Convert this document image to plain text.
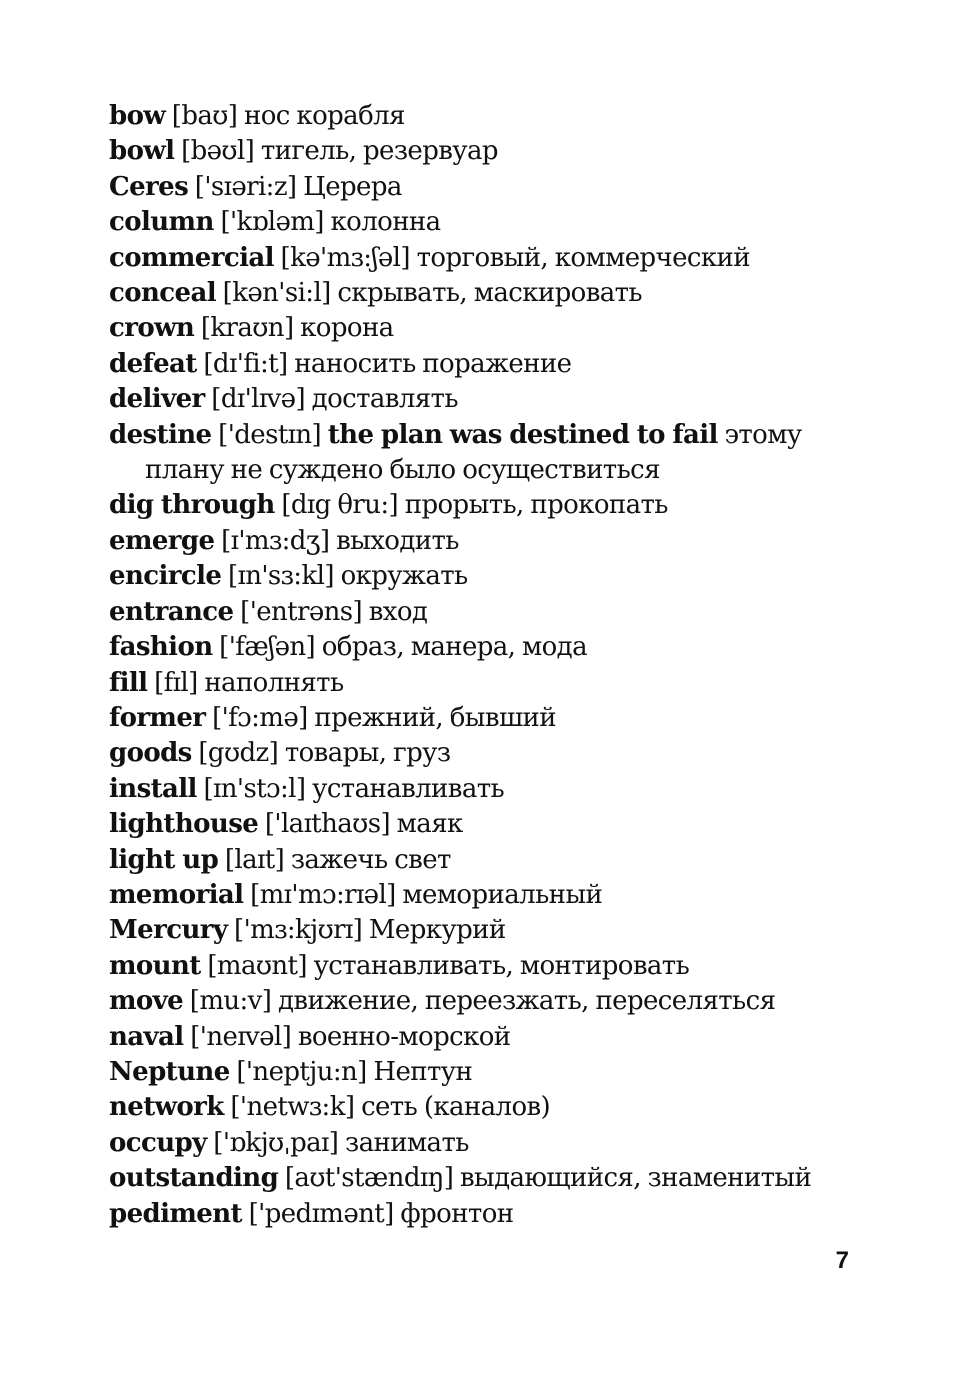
bow [baʊ] нос корабля
bowl [bəʊl] тигель, резервуар
Ceres ['sɪəri:z] Церера
column ['kɒləm] колонна
commercial [kə'mɜ:ʃəl] торговый, коммерческий
conceal [kən'si:l] скрывать, маскировать
crown [kraʊn] корона
defeat [dɪ'fi:t] наносить поражение
deliver [dɪ'lɪvə] доставлять
destine ['destɪn] the plan was destined to fail этому плану не суждено было осуществиться
dig through [dɪg θru:] прорыть, прокопать
emerge [ɪ'mɜ:dʒ] выходить
encircle [ɪn'sɜ:kl] окружать
entrance ['entrəns] вход
fashion ['fæʃən] образ, манера, мода
fill [fɪl] наполнять
former ['fɔ:mə] прежний, бывший
goods [gʊdz] товары, груз
install [ɪn'stɔ:l] устанавливать
lighthouse ['laɪthaʊs] маяк
light up [laɪt] зажечь свет
memorial [mɪ'mɔ:rɪəl] мемориальный
Mercury ['mɜ:kjʊrɪ] Меркурий
mount [maʊnt] устанавливать, монтировать
move [mu:v] движение, переезжать, переселяться
naval ['neɪvəl] военно-морской
Neptune ['neptju:n] Нептун
network ['netwɜ:k] сеть (каналов)
occupy ['ɒkjʊˌpaɪ] занимать
outstanding [aʊt'stændɪŋ] выдающийся, знаменитый
pediment ['pedɪmənt] фронтон

7
